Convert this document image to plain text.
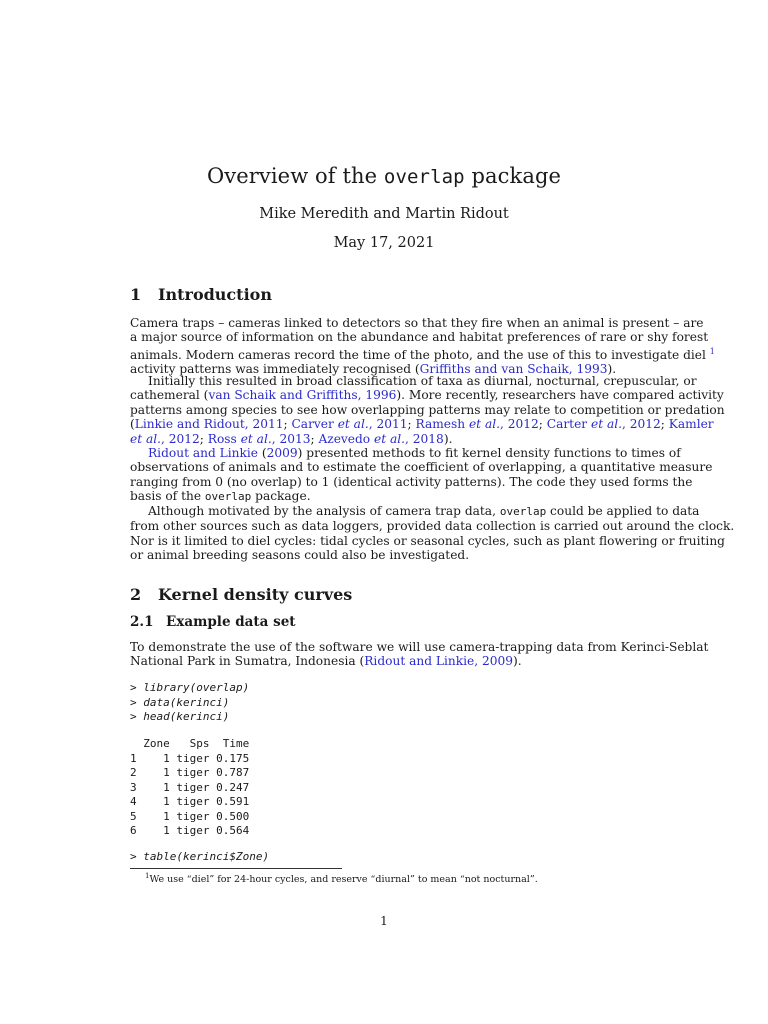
Overview of the overlap package
Mike Meredith and Martin Ridout
May 17, 2021
1 Introduction
Camera traps – cameras linked to detectors so that they fire when an animal is present – are
a major source of information on the abundance and habitat preferences of rare or shy forest
animals. Modern cameras record the time of the photo, and the use of this to investigate diel $^1$
activity patterns was immediately recognised (Griffiths and van Schaik, 1993).
Initially this resulted in broad classification of taxa as diurnal, nocturnal, crepuscular, or
cathemeral (van Schaik and Griffiths, 1996). More recently, researchers have compared activity
patterns among species to see how overlapping patterns may relate to competition or predation
(Linkie and Ridout, 2011; Carver et al., 2011; Ramesh et al., 2012; Carter et al., 2012; Kamler
et al., 2012; Ross et al., 2013; Azevedo et al., 2018).
Ridout and Linkie (2009) presented methods to fit kernel density functions to times of
observations of animals and to estimate the coefficient of overlapping, a quantitative measure
ranging from 0 (no overlap) to 1 (identical activity patterns). The code they used forms the
basis of the overlap package.
Although motivated by the analysis of camera trap data, overlap could be applied to data
from other sources such as data loggers, provided data collection is carried out around the clock.
Nor is it limited to diel cycles: tidal cycles or seasonal cycles, such as plant flowering or fruiting
or animal breeding seasons could also be investigated.
2 Kernel density curves
2.1 Example data set
To demonstrate the use of the software we will use camera-trapping data from Kerinci-Seblat
National Park in Sumatra, Indonesia (Ridout and Linkie, 2009).
> library(overlap)
> data(kerinci)
> head(kerinci)
Zone Sps Time
1 1 tiger 0.175
2 1 tiger 0.787
3 1 tiger 0.247
4 1 tiger 0.591
5 1 tiger 0.500
6 1 tiger 0.564
> table(kerinci$Zone)
$^1$We use “diel” for 24-hour cycles, and reserve “diurnal” to mean “not nocturnal”.
1
